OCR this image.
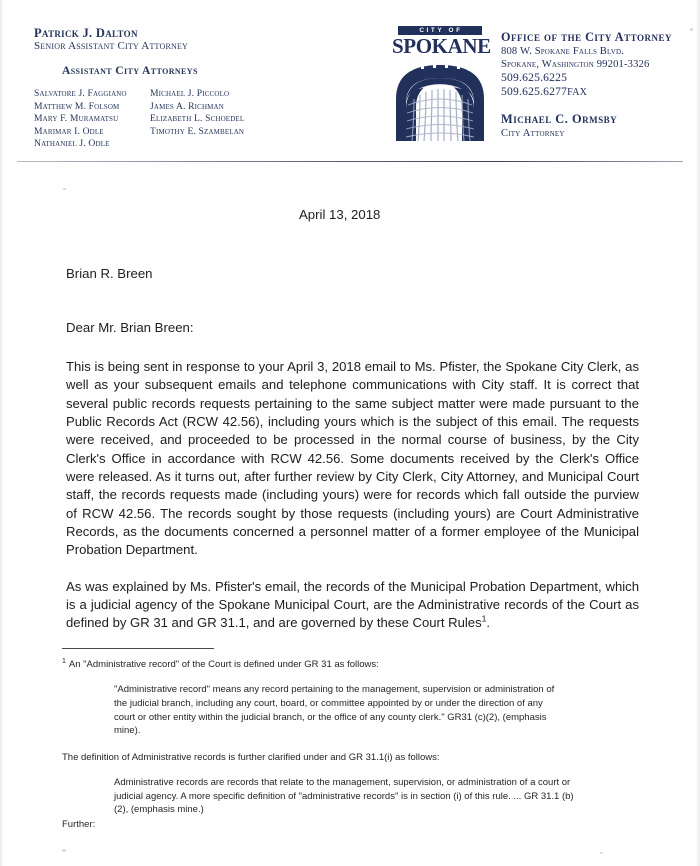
Patrick J. Dalton
Senior Assistant City Attorney
Assistant City Attorneys
Salvatore J. Faggiano
Matthew M. Folsom
Mary F. Muramatsu
Marimar I. Odle
Nathaniel J. Odle
Michael J. Piccolo
James A. Richman
Elizabeth L. Schoedel
Timothy E. Szambelan
CITY OF
SPOKANE Office of the City Attorney
808 W. Spokane Falls Blvd.
Spokane, Washington 99201-3326
509.625.6225
509.625.6277FAX
Michael C. Ormsby
City Attorney
April 13, 2018
Brian R. Breen
Dear Mr. Brian Breen:

This is being sent in response to your April 3, 2018 email to Ms. Pfister, the Spokane City Clerk, as well as your subsequent emails and telephone communications with City staff. It is correct that several public records requests pertaining to the same subject matter were made pursuant to the Public Records Act (RCW 42.56), including yours which is the subject of this email. The requests were received, and proceeded to be processed in the normal course of business, by the City Clerk's Office in accordance with RCW 42.56. Some documents received by the Clerk's Office were released. As it turns out, after further review by City Clerk, City Attorney, and Municipal Court staff, the records requests made (including yours) were for records which fall outside the purview of RCW 42.56. The records sought by those requests (including yours) are Court Administrative Records, as the documents concerned a personnel matter of a former employee of the Municipal Probation Department.

As was explained by Ms. Pfister's email, the records of the Municipal Probation Department, which is a judicial agency of the Spokane Municipal Court, are the Administrative records of the Court as defined by GR 31 and GR 31.1, and are governed by these Court Rules$^1$.

$^1$ An "Administrative record" of the Court is defined under GR 31 as follows:

"Administrative record" means any record pertaining to the management, supervision or administration of the judicial branch, including any court, board, or committee appointed by or under the direction of any court or other entity within the judicial branch, or the office of any county clerk." GR31 (c)(2), (emphasis mine).

The definition of Administrative records is further clarified under and GR 31.1(i) as follows:

Administrative records are records that relate to the management, supervision, or administration of a court or judicial agency. A more specific definition of "administrative records" is in section (i) of this rule. ... GR 31.1 (b)(2), (emphasis mine.)

Further:
